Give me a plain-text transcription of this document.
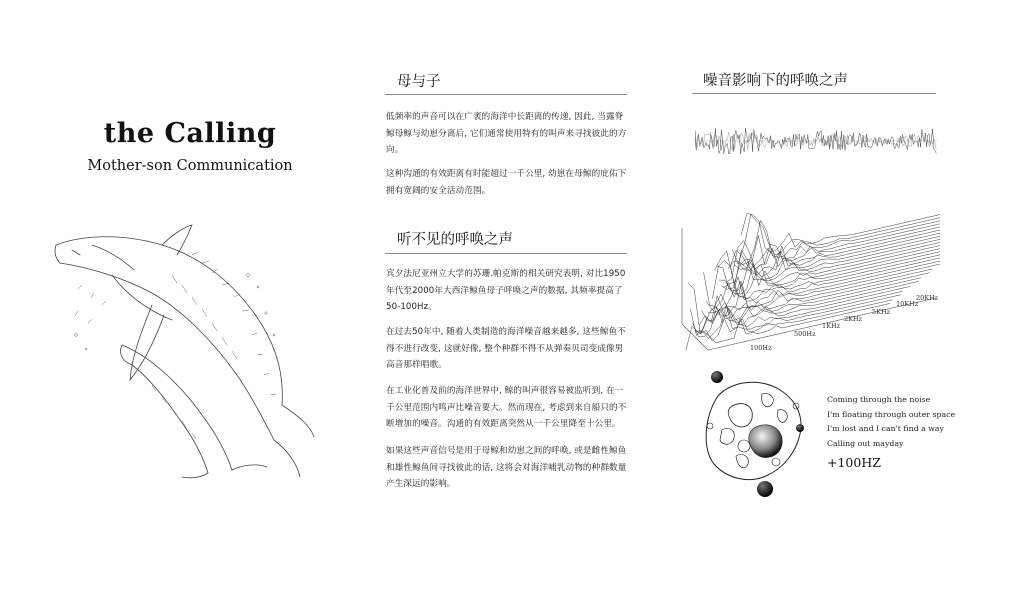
the Calling
Mother-son Communication
母与子
低频率的声音可以在广袤的海洋中长距离的传递, 因此, 当露脊鲸母鲸与幼崽分离后, 它们通常使用特有的叫声来寻找彼此的方向。
这种沟通的有效距离有时能超过一千公里, 幼崽在母鲸的庇佑下拥有宽阔的安全活动范围。
听不见的呼唤之声
宾夕法尼亚州立大学的苏珊.帕克斯的相关研究表明, 对比1950年代至2000年大西洋鲸鱼母子呼唤之声的数据, 其频率提高了50-100Hz。
在过去50年中, 随着人类制造的海洋噪音越来越多, 这些鲸鱼不得不进行改变, 这就好像, 整个种群不得不从弹奏贝司变成像男高音那样唱歌。
在工业化普及前的海洋世界中, 鲸的叫声很容易被监听到, 在一千公里范围内鸣声比噪音要大。然而现在, 考虑到来自船只的不断增加的噪音。沟通的有效距离突然从一千公里降至十公里。
如果这些声音信号是用于母鲸和幼崽之间的呼唤, 或是雌性鲸鱼和雄性鲸鱼间寻找彼此的话, 这将会对海洋哺乳动物的种群数量产生深远的影响。
噪音影响下的呼唤之声
100Hz
500Hz
1KHz
2KHz
5KHz
10KHz
20KHz
Coming through the noise
I'm floating through outer space
I'm lost and I can't find a way
Calling out mayday
+100HZ
